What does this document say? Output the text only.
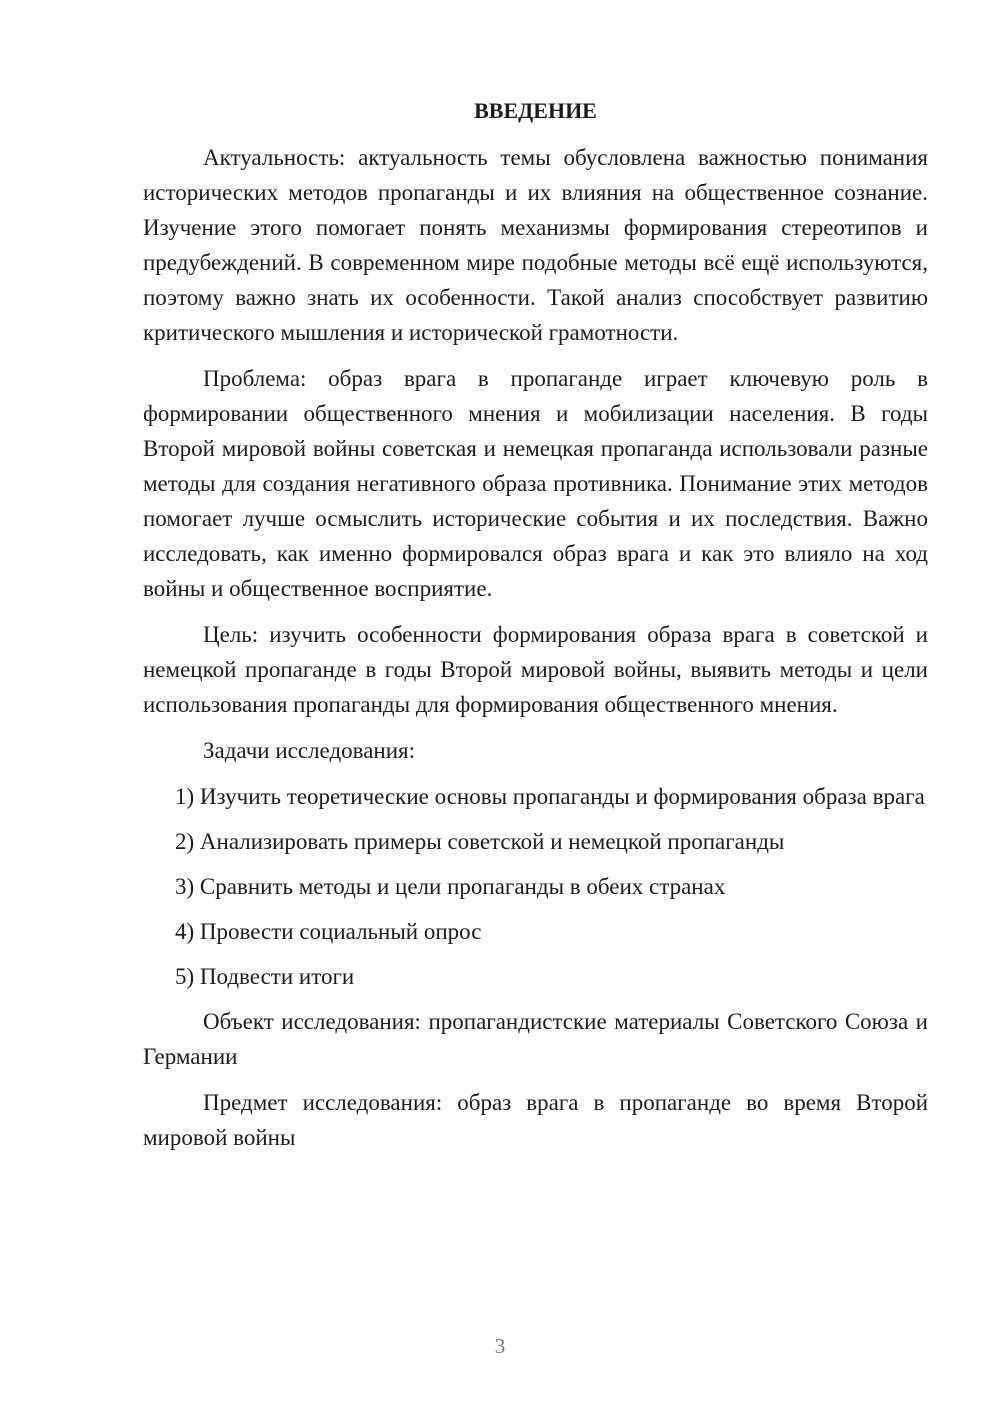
ВВЕДЕНИЕ

Актуальность: актуальность темы обусловлена важностью понимания исторических методов пропаганды и их влияния на общественное сознание. Изучение этого помогает понять механизмы формирования стереотипов и предубеждений. В современном мире подобные методы всё ещё используются, поэтому важно знать их особенности. Такой анализ способствует развитию критического мышления и исторической грамотности.

Проблема: образ врага в пропаганде играет ключевую роль в формировании общественного мнения и мобилизации населения. В годы Второй мировой войны советская и немецкая пропаганда использовали разные методы для создания негативного образа противника. Понимание этих методов помогает лучше осмыслить исторические события и их последствия. Важно исследовать, как именно формировался образ врага и как это влияло на ход войны и общественное восприятие.

Цель: изучить особенности формирования образа врага в советской и немецкой пропаганде в годы Второй мировой войны, выявить методы и цели использования пропаганды для формирования общественного мнения.

Задачи исследования:

1) Изучить теоретические основы пропаганды и формирования образа врага

2) Анализировать примеры советской и немецкой пропаганды

3) Сравнить методы и цели пропаганды в обеих странах

4) Провести социальный опрос

5) Подвести итоги

Объект исследования: пропагандистские материалы Советского Союза и Германии

Предмет исследования: образ врага в пропаганде во время Второй мировой войны

3
